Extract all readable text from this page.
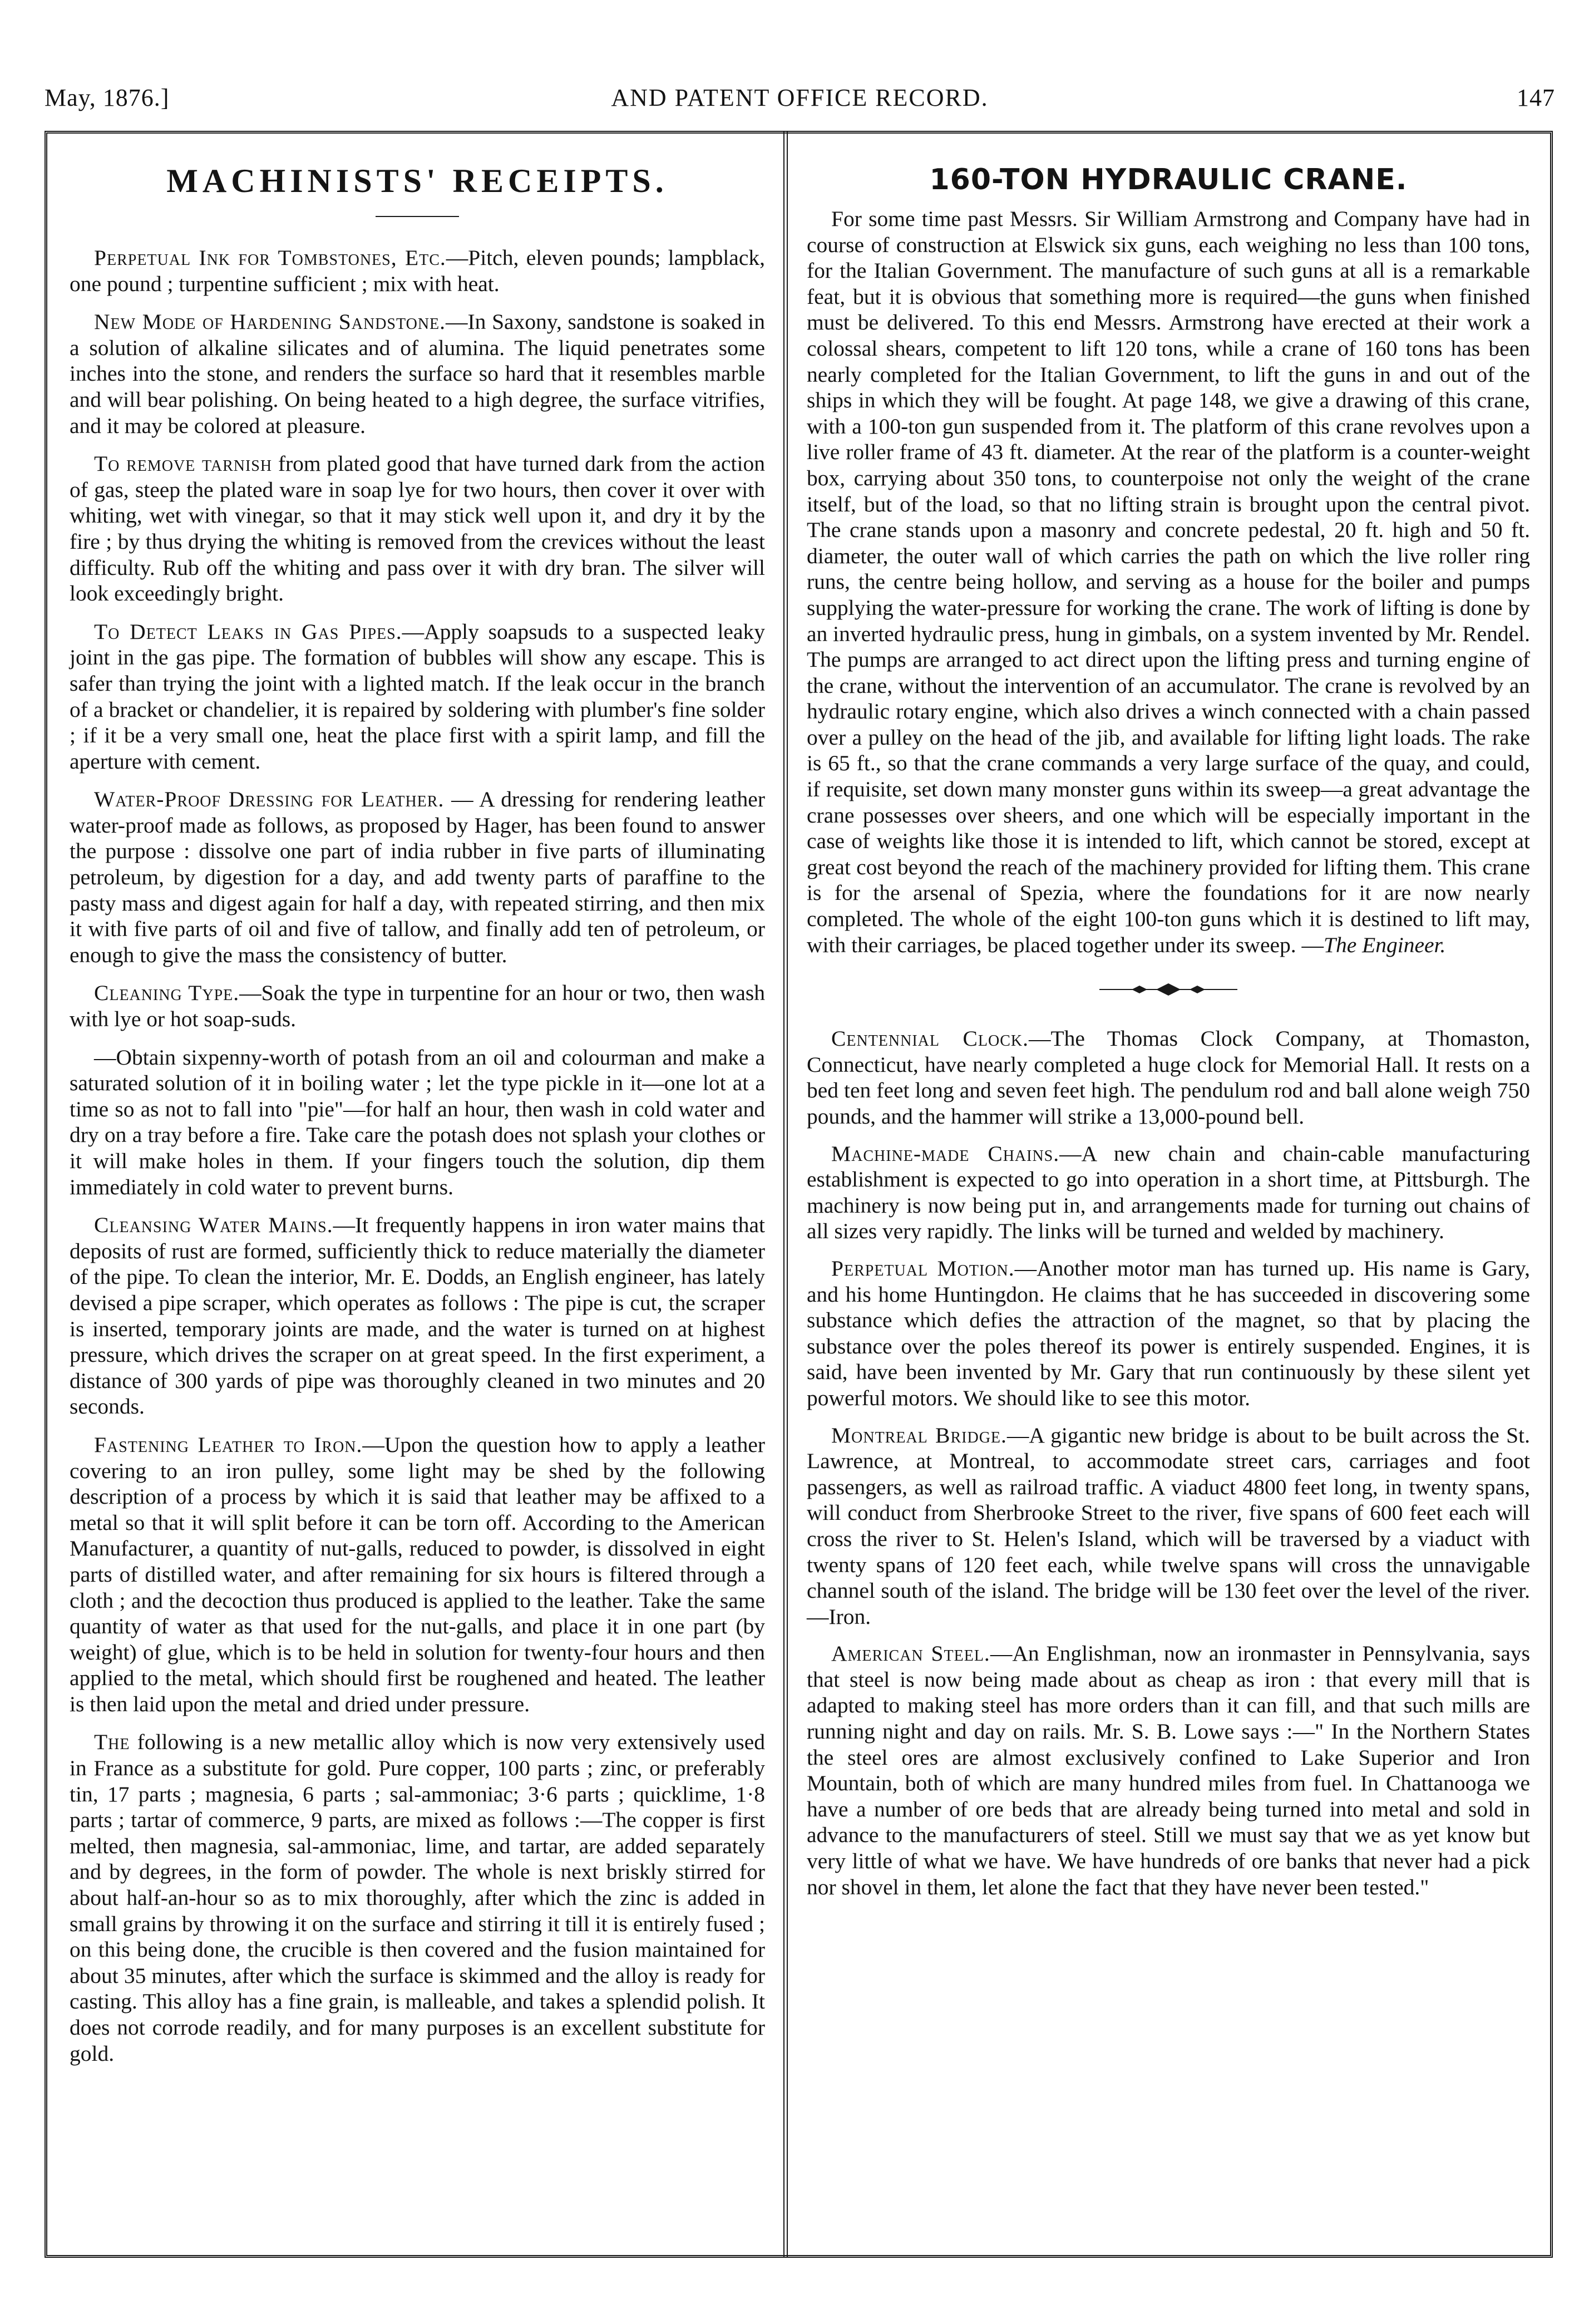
May, 1876.]	AND PATENT OFFICE RECORD.	147
MACHINISTS' RECEIPTS.

Perpetual Ink for Tombstones, Etc.—Pitch, eleven pounds; lampblack, one pound ; turpentine sufficient ; mix with heat.

New Mode of Hardening Sandstone.—In Saxony, sandstone is soaked in a solution of alkaline silicates and of alumina. The liquid penetrates some inches into the stone, and renders the surface so hard that it resembles marble and will bear polishing. On being heated to a high degree, the surface vitrifies, and it may be colored at pleasure.

To remove tarnish from plated good that have turned dark from the action of gas, steep the plated ware in soap lye for two hours, then cover it over with whiting, wet with vinegar, so that it may stick well upon it, and dry it by the fire ; by thus drying the whiting is removed from the crevices without the least difficulty. Rub off the whiting and pass over it with dry bran. The silver will look exceedingly bright.

To Detect Leaks in Gas Pipes.—Apply soapsuds to a suspected leaky joint in the gas pipe. The formation of bubbles will show any escape. This is safer than trying the joint with a lighted match. If the leak occur in the branch of a bracket or chandelier, it is repaired by soldering with plumber's fine solder ; if it be a very small one, heat the place first with a spirit lamp, and fill the aperture with cement.

Water-Proof Dressing for Leather. — A dressing for rendering leather water-proof made as follows, as proposed by Hager, has been found to answer the purpose : dissolve one part of india rubber in five parts of illuminating petroleum, by digestion for a day, and add twenty parts of paraffine to the pasty mass and digest again for half a day, with repeated stirring, and then mix it with five parts of oil and five of tallow, and finally add ten of petroleum, or enough to give the mass the consistency of butter.

Cleaning Type.—Soak the type in turpentine for an hour or two, then wash with lye or hot soap-suds.

—Obtain sixpenny-worth of potash from an oil and colourman and make a saturated solution of it in boiling water ; let the type pickle in it—one lot at a time so as not to fall into "pie"—for half an hour, then wash in cold water and dry on a tray before a fire. Take care the potash does not splash your clothes or it will make holes in them. If your fingers touch the solution, dip them immediately in cold water to prevent burns.

Cleansing Water Mains.—It frequently happens in iron water mains that deposits of rust are formed, sufficiently thick to reduce materially the diameter of the pipe. To clean the interior, Mr. E. Dodds, an English engineer, has lately devised a pipe scraper, which operates as follows : The pipe is cut, the scraper is inserted, temporary joints are made, and the water is turned on at highest pressure, which drives the scraper on at great speed. In the first experiment, a distance of 300 yards of pipe was thoroughly cleaned in two minutes and 20 seconds.

Fastening Leather to Iron.—Upon the question how to apply a leather covering to an iron pulley, some light may be shed by the following description of a process by which it is said that leather may be affixed to a metal so that it will split before it can be torn off. According to the American Manufacturer, a quantity of nut-galls, reduced to powder, is dissolved in eight parts of distilled water, and after remaining for six hours is filtered through a cloth ; and the decoction thus produced is applied to the leather. Take the same quantity of water as that used for the nut-galls, and place it in one part (by weight) of glue, which is to be held in solution for twenty-four hours and then applied to the metal, which should first be roughened and heated. The leather is then laid upon the metal and dried under pressure.

The following is a new metallic alloy which is now very extensively used in France as a substitute for gold. Pure copper, 100 parts ; zinc, or preferably tin, 17 parts ; magnesia, 6 parts ; sal-ammoniac; 3·6 parts ; quicklime, 1·8 parts ; tartar of commerce, 9 parts, are mixed as follows :—The copper is first melted, then magnesia, sal-ammoniac, lime, and tartar, are added separately and by degrees, in the form of powder. The whole is next briskly stirred for about half-an-hour so as to mix thoroughly, after which the zinc is added in small grains by throwing it on the surface and stirring it till it is entirely fused ; on this being done, the crucible is then covered and the fusion maintained for about 35 minutes, after which the surface is skimmed and the alloy is ready for casting. This alloy has a fine grain, is malleable, and takes a splendid polish. It does not corrode readily, and for many purposes is an excellent substitute for gold.

160-TON HYDRAULIC CRANE.

For some time past Messrs. Sir William Armstrong and Company have had in course of construction at Elswick six guns, each weighing no less than 100 tons, for the Italian Government. The manufacture of such guns at all is a remarkable feat, but it is obvious that something more is required—the guns when finished must be delivered. To this end Messrs. Armstrong have erected at their work a colossal shears, competent to lift 120 tons, while a crane of 160 tons has been nearly completed for the Italian Government, to lift the guns in and out of the ships in which they will be fought. At page 148, we give a drawing of this crane, with a 100-ton gun suspended from it. The platform of this crane revolves upon a live roller frame of 43 ft. diameter. At the rear of the platform is a counter-weight box, carrying about 350 tons, to counterpoise not only the weight of the crane itself, but of the load, so that no lifting strain is brought upon the central pivot. The crane stands upon a masonry and concrete pedestal, 20 ft. high and 50 ft. diameter, the outer wall of which carries the path on which the live roller ring runs, the centre being hollow, and serving as a house for the boiler and pumps supplying the water-pressure for working the crane. The work of lifting is done by an inverted hydraulic press, hung in gimbals, on a system invented by Mr. Rendel. The pumps are arranged to act direct upon the lifting press and turning engine of the crane, without the intervention of an accumulator. The crane is revolved by an hydraulic rotary engine, which also drives a winch connected with a chain passed over a pulley on the head of the jib, and available for lifting light loads. The rake is 65 ft., so that the crane commands a very large surface of the quay, and could, if requisite, set down many monster guns within its sweep—a great advantage the crane possesses over sheers, and one which will be especially important in the case of weights like those it is intended to lift, which cannot be stored, except at great cost beyond the reach of the machinery provided for lifting them. This crane is for the arsenal of Spezia, where the foundations for it are now nearly completed. The whole of the eight 100-ton guns which it is destined to lift may, with their carriages, be placed together under its sweep. —The Engineer.

Centennial Clock.—The Thomas Clock Company, at Thomaston, Connecticut, have nearly completed a huge clock for Memorial Hall. It rests on a bed ten feet long and seven feet high. The pendulum rod and ball alone weigh 750 pounds, and the hammer will strike a 13,000-pound bell.

Machine-made Chains.—A new chain and chain-cable manufacturing establishment is expected to go into operation in a short time, at Pittsburgh. The machinery is now being put in, and arrangements made for turning out chains of all sizes very rapidly. The links will be turned and welded by machinery.

Perpetual Motion.—Another motor man has turned up. His name is Gary, and his home Huntingdon. He claims that he has succeeded in discovering some substance which defies the attraction of the magnet, so that by placing the substance over the poles thereof its power is entirely suspended. Engines, it is said, have been invented by Mr. Gary that run continuously by these silent yet powerful motors. We should like to see this motor.

Montreal Bridge.—A gigantic new bridge is about to be built across the St. Lawrence, at Montreal, to accommodate street cars, carriages and foot passengers, as well as railroad traffic. A viaduct 4800 feet long, in twenty spans, will conduct from Sherbrooke Street to the river, five spans of 600 feet each will cross the river to St. Helen's Island, which will be traversed by a viaduct with twenty spans of 120 feet each, while twelve spans will cross the unnavigable channel south of the island. The bridge will be 130 feet over the level of the river.—Iron.

American Steel.—An Englishman, now an ironmaster in Pennsylvania, says that steel is now being made about as cheap as iron : that every mill that is adapted to making steel has more orders than it can fill, and that such mills are running night and day on rails. Mr. S. B. Lowe says :—" In the Northern States the steel ores are almost exclusively confined to Lake Superior and Iron Mountain, both of which are many hundred miles from fuel. In Chattanooga we have a number of ore beds that are already being turned into metal and sold in advance to the manufacturers of steel. Still we must say that we as yet know but very little of what we have. We have hundreds of ore banks that never had a pick nor shovel in them, let alone the fact that they have never been tested."
